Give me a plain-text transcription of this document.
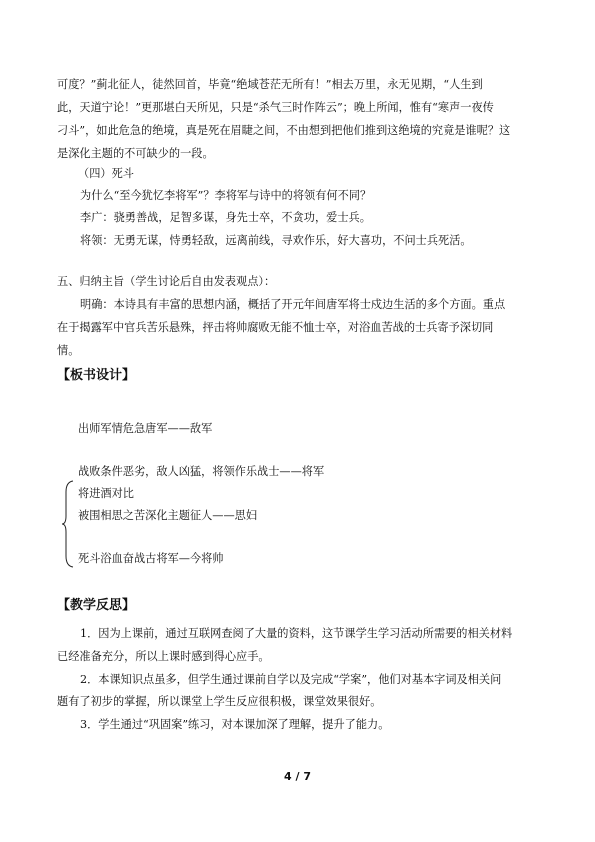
可度？”蓟北征人，徒然回首，毕竟“绝域苍茫无所有！”相去万里，永无见期，“人生到
此，天道宁论！”更那堪白天所见，只是“杀气三时作阵云”；晚上所闻，惟有“寒声一夜传
刁斗”，如此危急的绝境，真是死在眉睫之间，不由想到把他们推到这绝境的究竟是谁呢？这
是深化主题的不可缺少的一段。
（四）死斗
为什么“至今犹忆李将军”？李将军与诗中的将领有何不同？
李广：骁勇善战，足智多谋，身先士卒，不贪功，爱士兵。
将领：无勇无谋，恃勇轻敌，远离前线，寻欢作乐，好大喜功，不问士兵死活。
五、归纳主旨（学生讨论后自由发表观点）：
明确：本诗具有丰富的思想内涵，概括了开元年间唐军将士戍边生活的多个方面。重点
在于揭露军中官兵苦乐悬殊，抨击将帅腐败无能不恤士卒，对浴血苦战的士兵寄予深切同
情。
【板书设计】
出师军情危急唐军——敌军
战败条件恶劣，敌人凶猛，将领作乐战士——将军
将进酒对比
被围相思之苦深化主题征人——思妇
死斗浴血奋战古将军—今将帅
【教学反思】
1．因为上课前，通过互联网查阅了大量的资料，这节课学生学习活动所需要的相关材料
已经准备充分，所以上课时感到得心应手。
2．本课知识点虽多，但学生通过课前自学以及完成“学案”，他们对基本字词及相关问
题有了初步的掌握，所以课堂上学生反应很积极，课堂效果很好。
3．学生通过“巩固案”练习，对本课加深了理解，提升了能力。
4 / 7
